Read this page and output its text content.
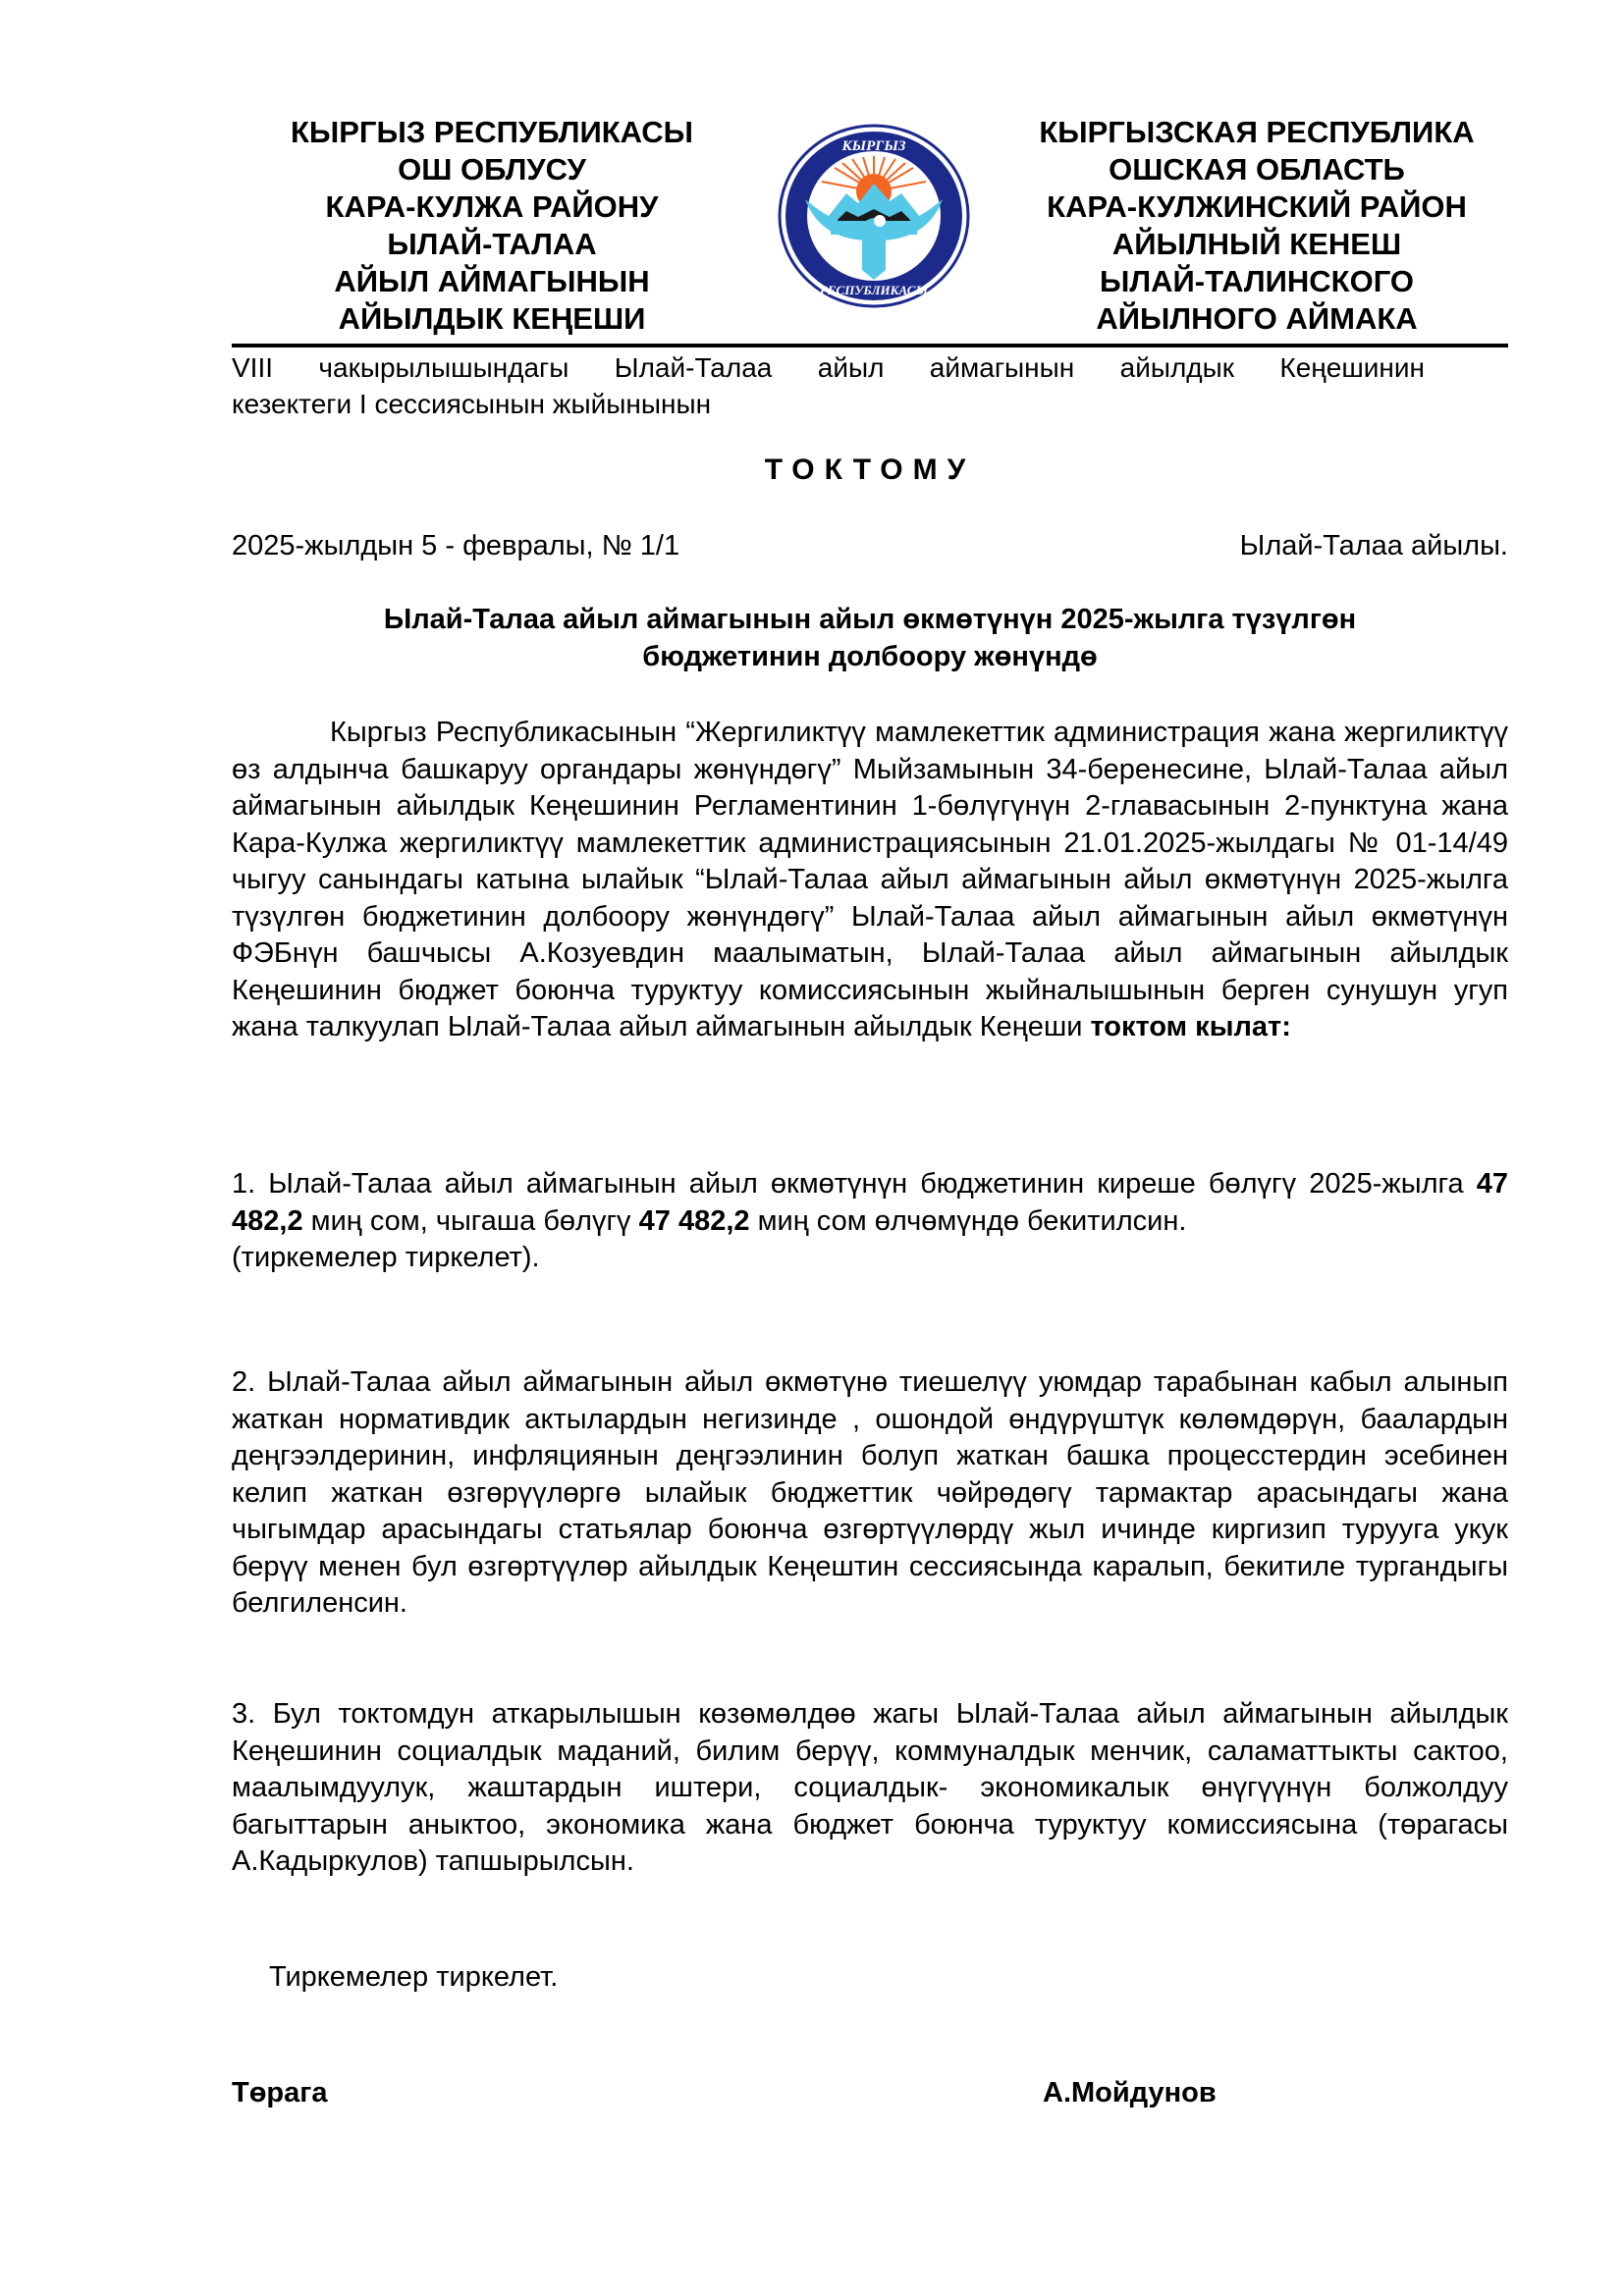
КЫРГЫЗ РЕСПУБЛИКАСЫ
ОШ ОБЛУСУ
КАРА-КУЛЖА РАЙОНУ
ЫЛАЙ-ТАЛАА
АЙЫЛ АЙМАГЫНЫН
АЙЫЛДЫК КЕҢЕШИ
КЫРГЫЗ
РЕСПУБЛИКАСЫ
КЫРГЫЗСКАЯ РЕСПУБЛИКА
ОШСКАЯ ОБЛАСТЬ
КАРА-КУЛЖИНСКИЙ РАЙОН
АЙЫЛНЫЙ КЕНЕШ
ЫЛАЙ-ТАЛИНСКОГО
АЙЫЛНОГО АЙМАКА
VIII чакырылышындагы Ылай-Талаа айыл аймагынын айылдык Кеңешинин
кезектеги I сессиясынын жыйынынын
ТОКТОМУ
2025-жылдын 5 - февралы, № 1/1	Ылай-Талаа айылы.
Ылай-Талаа айыл аймагынын айыл өкмөтүнүн 2025-жылга түзүлгөн
бюджетинин долбоору жөнүндө
Кыргыз Республикасынын “Жергиликтүү мамлекеттик администрация жана жергиликтүү өз алдынча башкаруу органдары жөнүндөгү” Мыйзамынын 34-беренесине, Ылай-Талаа айыл аймагынын айылдык Кеңешинин Регламентинин 1-бөлүгүнүн 2-главасынын 2-пунктуна жана Кара-Кулжа жергиликтүү мамлекеттик администрациясынын 21.01.2025-жылдагы № 01-14/49 чыгуу санындагы катына ылайык “Ылай-Талаа айыл аймагынын айыл өкмөтүнүн 2025-жылга түзүлгөн бюджетинин долбоору жөнүндөгү” Ылай-Талаа айыл аймагынын айыл өкмөтүнүн ФЭБнүн башчысы А.Козуевдин маалыматын, Ылай-Талаа айыл аймагынын айылдык Кеңешинин бюджет боюнча туруктуу комиссиясынын жыйналышынын берген сунушун угуп жана талкуулап Ылай-Талаа айыл аймагынын айылдык Кеңеши токтом кылат:
1. Ылай-Талаа айыл аймагынын айыл өкмөтүнүн бюджетинин киреше бөлүгү 2025-жылга 47 482,2 миң сом, чыгаша бөлүгү 47 482,2 миң сом өлчөмүндө бекитилсин.
(тиркемелер тиркелет).
2. Ылай-Талаа айыл аймагынын айыл өкмөтүнө тиешелүү уюмдар тарабынан кабыл алынып жаткан нормативдик актылардын негизинде , ошондой өндүрүштүк көлөмдөрүн, баалардын деңгээлдеринин, инфляциянын деңгээлинин болуп жаткан башка процесстердин эсебинен келип жаткан өзгөрүүлөргө ылайык бюджеттик чөйрөдөгү тармактар арасындагы жана чыгымдар арасындагы статьялар боюнча өзгөртүүлөрдү жыл ичинде киргизип турууга укук берүү менен бул өзгөртүүлөр айылдык Кеңештин сессиясында каралып, бекитиле тургандыгы белгиленсин.
3. Бул токтомдун аткарылышын көзөмөлдөө жагы Ылай-Талаа айыл аймагынын айылдык Кеңешинин социалдык маданий, билим берүү, коммуналдык менчик, саламаттыкты сактоо, маалымдуулук, жаштардын иштери, социалдык- экономикалык өнүгүүнүн болжолдуу багыттарын аныктоо, экономика жана бюджет боюнча туруктуу комиссиясына (төрагасы А.Кадыркулов) тапшырылсын.
Тиркемелер тиркелет.
Төрага	А.Мойдунов
